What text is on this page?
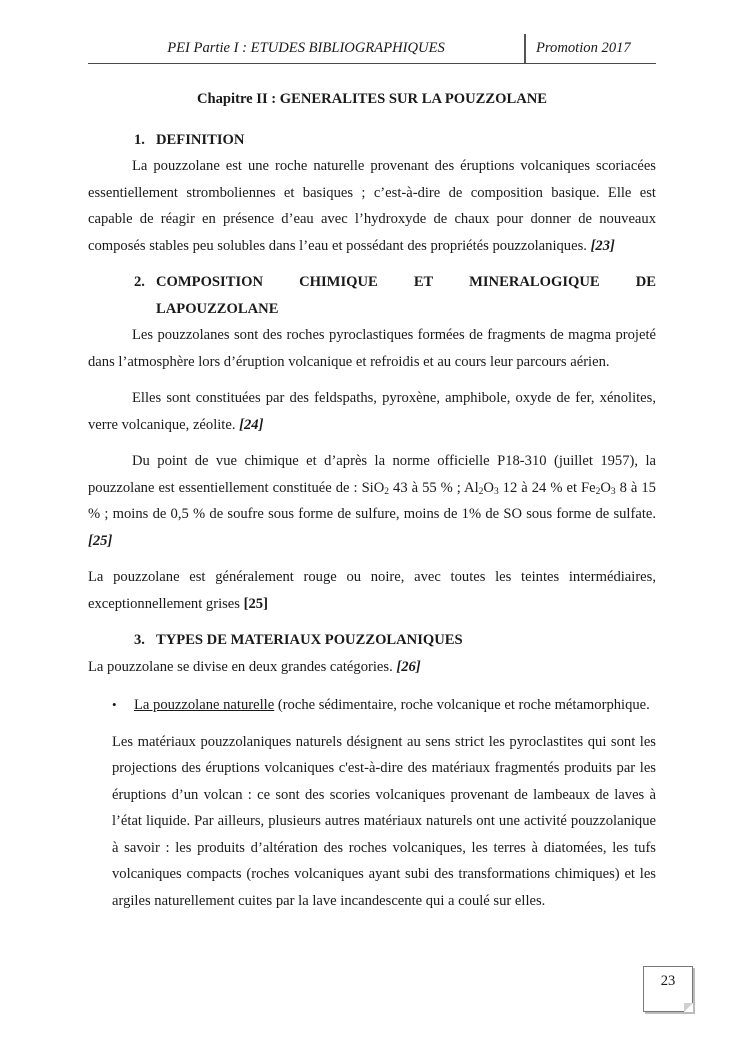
PEI Partie I : ETUDES BIBLIOGRAPHIQUES	Promotion 2017
Chapitre II : GENERALITES SUR LA POUZZOLANE
1. DEFINITION

La pouzzolane est une roche naturelle provenant des éruptions volcaniques scoriacées essentiellement stromboliennes et basiques ; c’est-à-dire de composition basique. Elle est capable de réagir en présence d’eau avec l’hydroxyde de chaux pour donner de nouveaux composés stables peu solubles dans l’eau et possédant des propriétés pouzzolaniques. [23]

2. COMPOSITION CHIMIQUE ET MINERALOGIQUE DE
LAPOUZZOLANE

Les pouzzolanes sont des roches pyroclastiques formées de fragments de magma projeté dans l’atmosphère lors d’éruption volcanique et refroidis et au cours leur parcours aérien.

Elles sont constituées par des feldspaths, pyroxène, amphibole, oxyde de fer, xénolites, verre volcanique, zéolite. [24]

Du point de vue chimique et d’après la norme officielle P18-310 (juillet 1957), la pouzzolane est essentiellement constituée de : SiO$_2$ 43 à 55 % ; $Al_2O_3$ 12 à 24 % et $Fe_2O_3$ 8 à 15 % ; moins de 0,5 % de soufre sous forme de sulfure, moins de 1% de SO sous forme de sulfate. [25]

La pouzzolane est généralement rouge ou noire, avec toutes les teintes intermédiaires, exceptionnellement grises [25]

3. TYPES DE MATERIAUX POUZZOLANIQUES

La pouzzolane se divise en deux grandes catégories. [26]

•	La pouzzolane naturelle (roche sédimentaire, roche volcanique et roche métamorphique.

Les matériaux pouzzolaniques naturels désignent au sens strict les pyroclastites qui sont les projections des éruptions volcaniques c'est-à-dire des matériaux fragmentés produits par les éruptions d’un volcan : ce sont des scories volcaniques provenant de lambeaux de laves à l’état liquide. Par ailleurs, plusieurs autres matériaux naturels ont une activité pouzzolanique à savoir : les produits d’altération des roches volcaniques, les terres à diatomées, les tufs volcaniques compacts (roches volcaniques ayant subi des transformations chimiques) et les argiles naturellement cuites par la lave incandescente qui a coulé sur elles.

23
